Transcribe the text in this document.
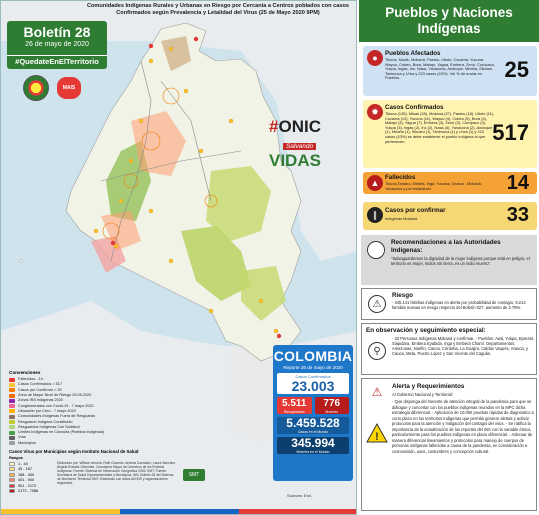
Comunidades Indígenas Rurales y Urbanas en Riesgo por Cercanía a Centros poblados con casos Confirmados según Prevalencia y Letalidad del Virus (25 de Mayo 2020 9PM)
Boletín 28
26 de mayo de 2020
#QuedateEnElTerritorio
MAIS
#ONIC
Salvando
VIDAS
Convenciones
Fallecidos - 14
Casos Confirmados = 517
Casos por Confirmar = 33
Zona de Mayor Nivel de Riesgo 25.05.2020
Zonas IRA Indígenas 2020
Conglomerados con Covid-19 - 7 mayo 2020
Ubicación por Cero - 7 mayo 2020
Comunidades Indígenas Fuera de Resguardo
Resguardo Indígena Constituido
Resguardos Indígenas Con Solicitud
Límites Indígenas en Consulta (Pueblos indígenas)
Vías
Municipios
Casos Virus por Municipios según Instituto Nacional de Salud
Rangos
1 - 44
45 - 167
168 - 400
401 - 900
901 - 2172
2173 - 7086
Elaborado por: Willson Arruela, Ruth Guzmán, Andrea Camacho, Laura Sánchez, Ángela Rosalía Cifuentes. Consejería Mayor de Derechos de los Pueblos Indígenas. Fuente: Sistema de Información Geográfica ONIC SMT. Fuente: Secretaría de Salud Departamentales y Municipios, INS. Boletín 28 del Sistema de Monitoreo Territorial SMT. Elaborado con datos del INS y organizaciones regionales.
SMT
COLOMBIA
Reporte 26 de mayo de 2020
Casos Confirmados
23.003
5.511
Recuperados
776
Muertes
5.459.528
Casos en el Mundo
345.994
Muertes en el Mundo
Sources: Esri,
Pueblos y Naciones Indígenas
●	Pueblos Afectados
Tikuna, Mosik, Mokaná, Pastos, Uitoto, Cocama, Yucuna, Wayuu, Cubeo, Bora, Matapí, Yagua, Embera, Zenú, Curripaco, Yukpa, Ingas, Inc, Nasa, Yanacona, Andoque, Miraña, Sikuani, Tanimuca y U'wa y 223 casos (43%). Vel % de enviar en Pueblos.	25
✸	Casos Confirmados
Tikuna (135), Misak (28), Mokaná (37), Pastos (18), Uitoto (11), Cocama (13), Yucuna (11), Wayuu (4), Cubeo (5), Bora (4), Matapí (3), Yagua (7), Embera (3), Zenú (3), Curripaco (3), Yukpa (3), Ingas (2), Inc (2), Nasa (4), Yanacona (2), Andoque (1), Miraña (1), Sikuani (1), Tanimuca (1) y U'wa (1) y 223 casos (43%) se debe establecer el pueblo indígena al que pertenecen.	517
▲
Fallecidos
Tikuna,Tariano, Miraña, Inga, Yucuna, Ocaina , Mokaná, Yanacona y por establecer	14
∥	Casos por confirmar
Indígenas Mokaná	33
Recomendaciones a las Autoridades Indígenas:
"Salvaguardemos la dignidad de la mujer indígena porque está en peligro, el territorio es mujer, Indios sin tierra, es un indio muerto".
⚠
Riesgo
- 345.141 familias indígenas en alerta por probabilidad de contagio, 9.214 familias nuevas en riesgo respecto del Boletín 027, aumento de 2.78%.
⚲
En observación y seguimiento especial:
- 33 Personas Indígenas Mokaná y confirmar. - Pueblos: Awá, Yukpa, Eperara Siapidara, Embera Eyabida, Inga y Embera Chamí. Departamentos: Amazonas, Nariño, Cauca, Córdoba, La Guajira, Caldas Vaupés, Arauca, y Cauca, Meta, Puerto López y San Vicente del Caguán.
Alerta y Requerimientos
Al Gobierno Nacional y Territorial:
⚠
!
- Que disponga del Gerente de atención integral de la pandemia para que se diálogue y concertar con los pueblos indígenas reunidos en la MPC dicha estrategia diferencial. - Aplicación de 10.000 pruebas rápidas de diagnóstico a corto plazo en los territorios indígenas que permita generar alertas y activar protocolos para la atención y mitigación del contagio del virus. - Se ratifica la importancia de la actualización de los reportes del INS con la variable étnica, particularmente para los pueblos indígenas en plano diferencial. - Adecuar de manera diferencial lineamientos y protocolos para manejo de cuerpos de personas indígenas fallecidas a causa de la pandemia, en consideración a cosmovisión, usos, costumbres y concepción cultural.
